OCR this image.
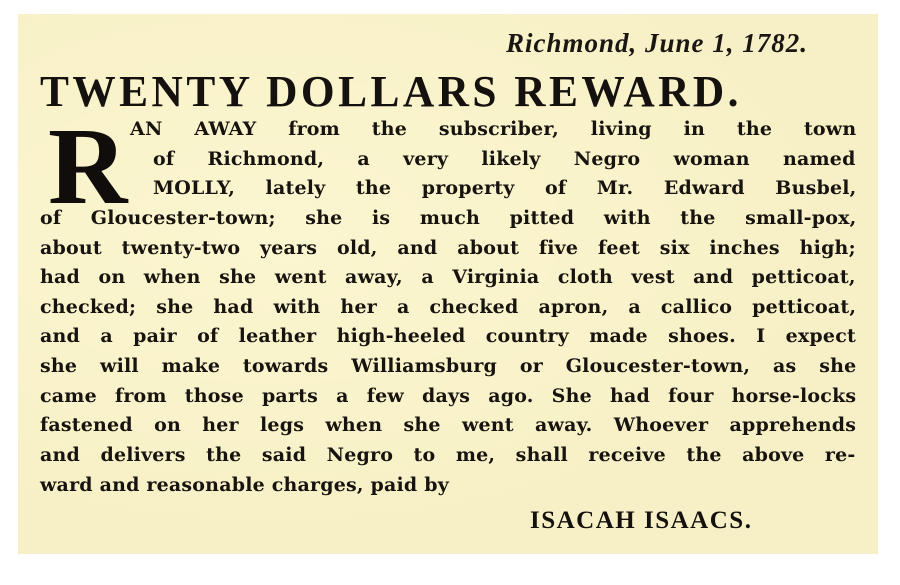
Richmond, June 1, 1782.
TWENTY DOLLARS REWARD.
R AN AWAY from the subscriber, living in the town
of Richmond, a very likely Negro woman named
MOLLY, lately the property of Mr. Edward Busbel,
of Gloucester-town; she is much pitted with the small-pox,
about twenty-two years old, and about five feet six inches high;
had on when she went away, a Virginia cloth vest and petticoat,
checked; she had with her a checked apron, a callico petticoat,
and a pair of leather high-heeled country made shoes. I expect
she will make towards Williamsburg or Gloucester-town, as she
came from those parts a few days ago. She had four horse-locks
fastened on her legs when she went away. Whoever apprehends
and delivers the said Negro to me, shall receive the above re-
ward and reasonable charges, paid by
ISACAH ISAACS.
